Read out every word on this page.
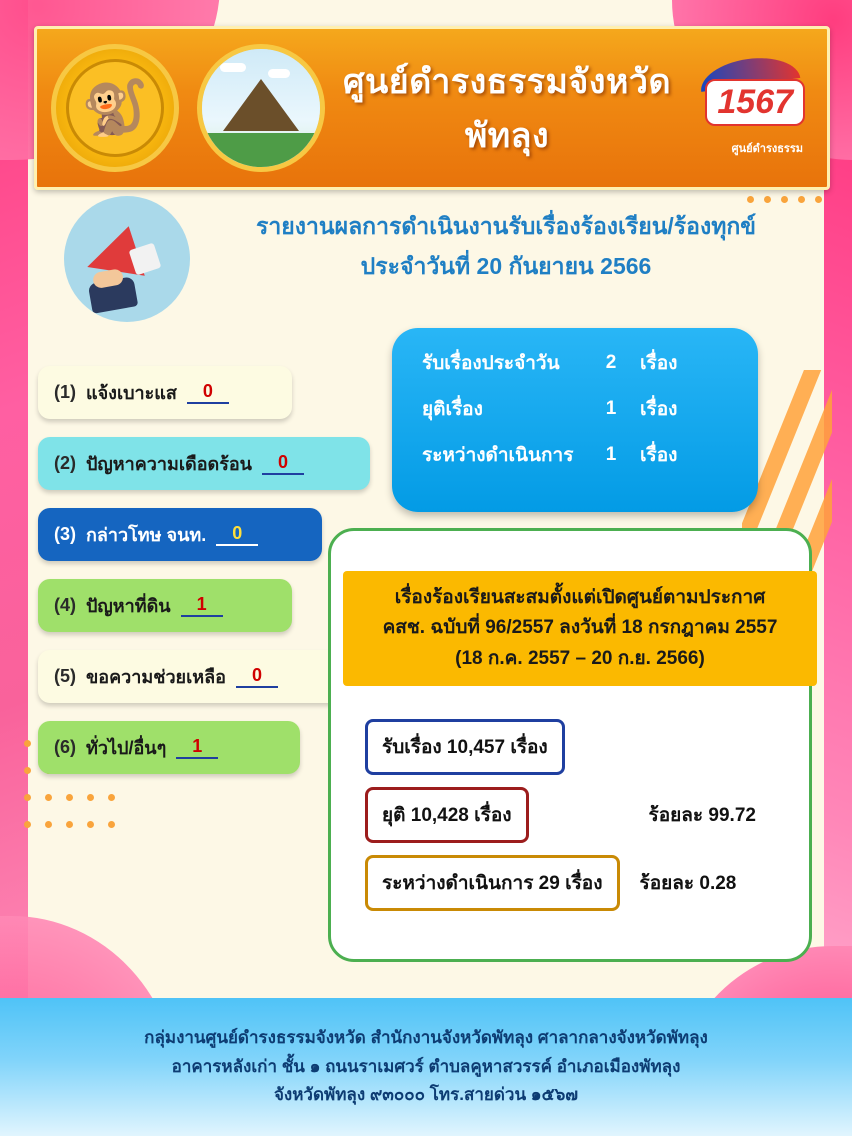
🐒	ศูนย์ดำรงธรรมจังหวัดพัทลุง
1567
ศูนย์ดำรงธรรม
รายงานผลการดำเนินงานรับเรื่องร้องเรียน/ร้องทุกข์
ประจำวันที่ 20 กันยายน 2566
(1) แจ้งเบาะแส	0
(2) ปัญหาความเดือดร้อน	0
(3) กล่าวโทษ จนท.	0
(4) ปัญหาที่ดิน	1
(5) ขอความช่วยเหลือ	0
(6) ทั่วไป/อื่นๆ	1
รับเรื่องประจำวัน	2	เรื่อง
ยุติเรื่อง	1	เรื่อง
ระหว่างดำเนินการ	1	เรื่อง
เรื่องร้องเรียนสะสมตั้งแต่เปิดศูนย์ตามประกาศ
คสช. ฉบับที่ 96/2557 ลงวันที่ 18 กรกฎาคม 2557
(18 ก.ค. 2557 – 20 ก.ย. 2566)
รับเรื่อง 10,457 เรื่อง
ยุติ 10,428 เรื่อง	ร้อยละ 99.72
ระหว่างดำเนินการ 29 เรื่อง	ร้อยละ 0.28
กลุ่มงานศูนย์ดำรงธรรมจังหวัด สำนักงานจังหวัดพัทลุง ศาลากลางจังหวัดพัทลุง
อาคารหลังเก่า ชั้น ๑ ถนนราเมศวร์ ตำบลคูหาสวรรค์ อำเภอเมืองพัทลุง
จังหวัดพัทลุง ๙๓๐๐๐ โทร.สายด่วน ๑๕๖๗
